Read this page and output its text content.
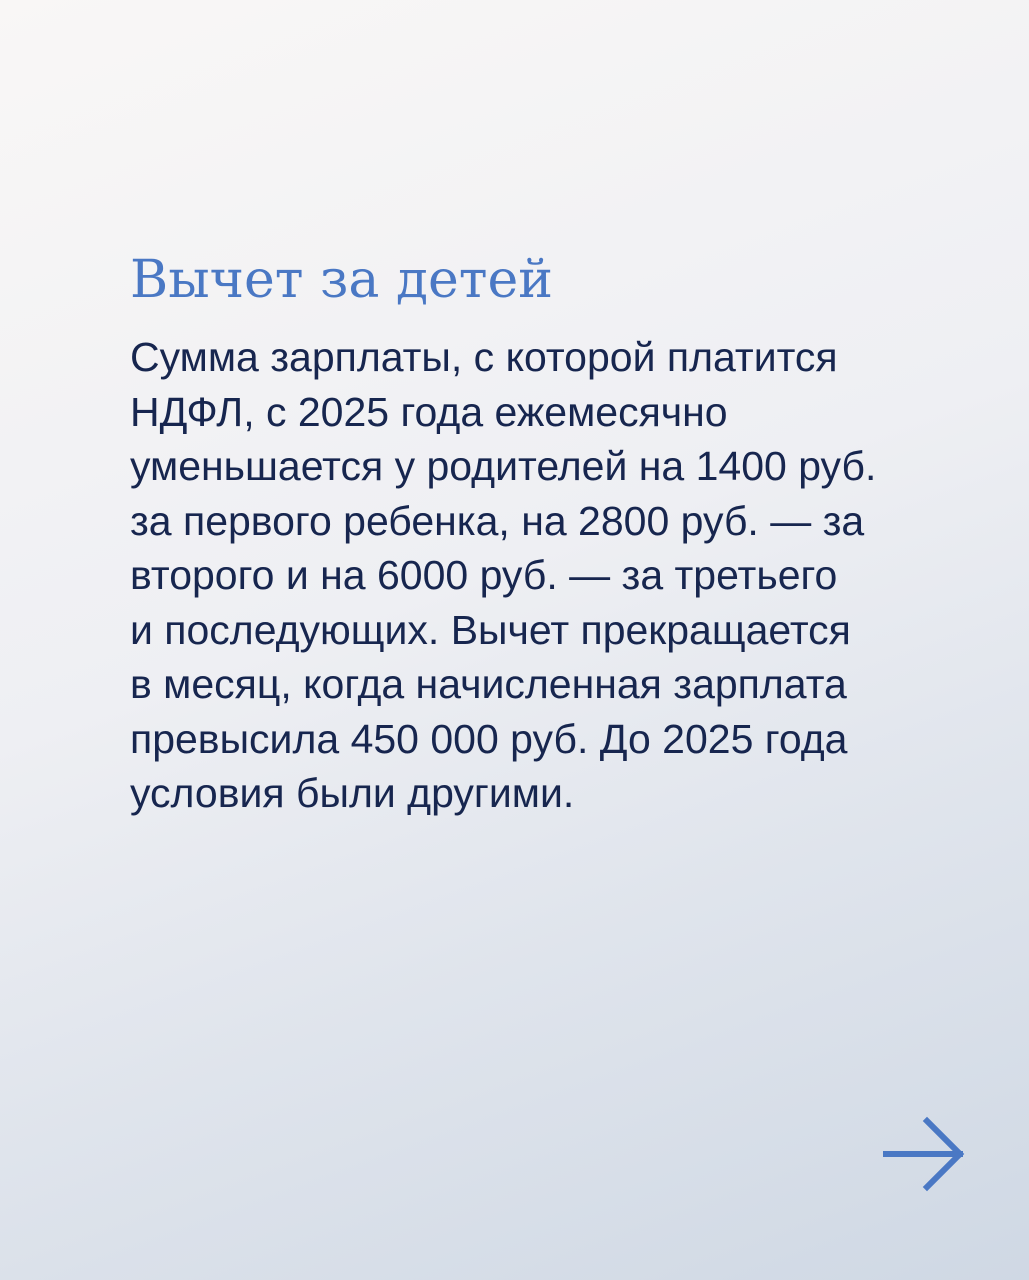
Вычет за детей

Сумма зарплаты, с которой платится
НДФЛ, с 2025 года ежемесячно
уменьшается у родителей на 1400 руб.
за первого ребенка, на 2800 руб. — за
второго и на 6000 руб. — за третьего
и последующих. Вычет прекращается
в месяц, когда начисленная зарплата
превысила 450 000 руб. До 2025 года
условия были другими.
